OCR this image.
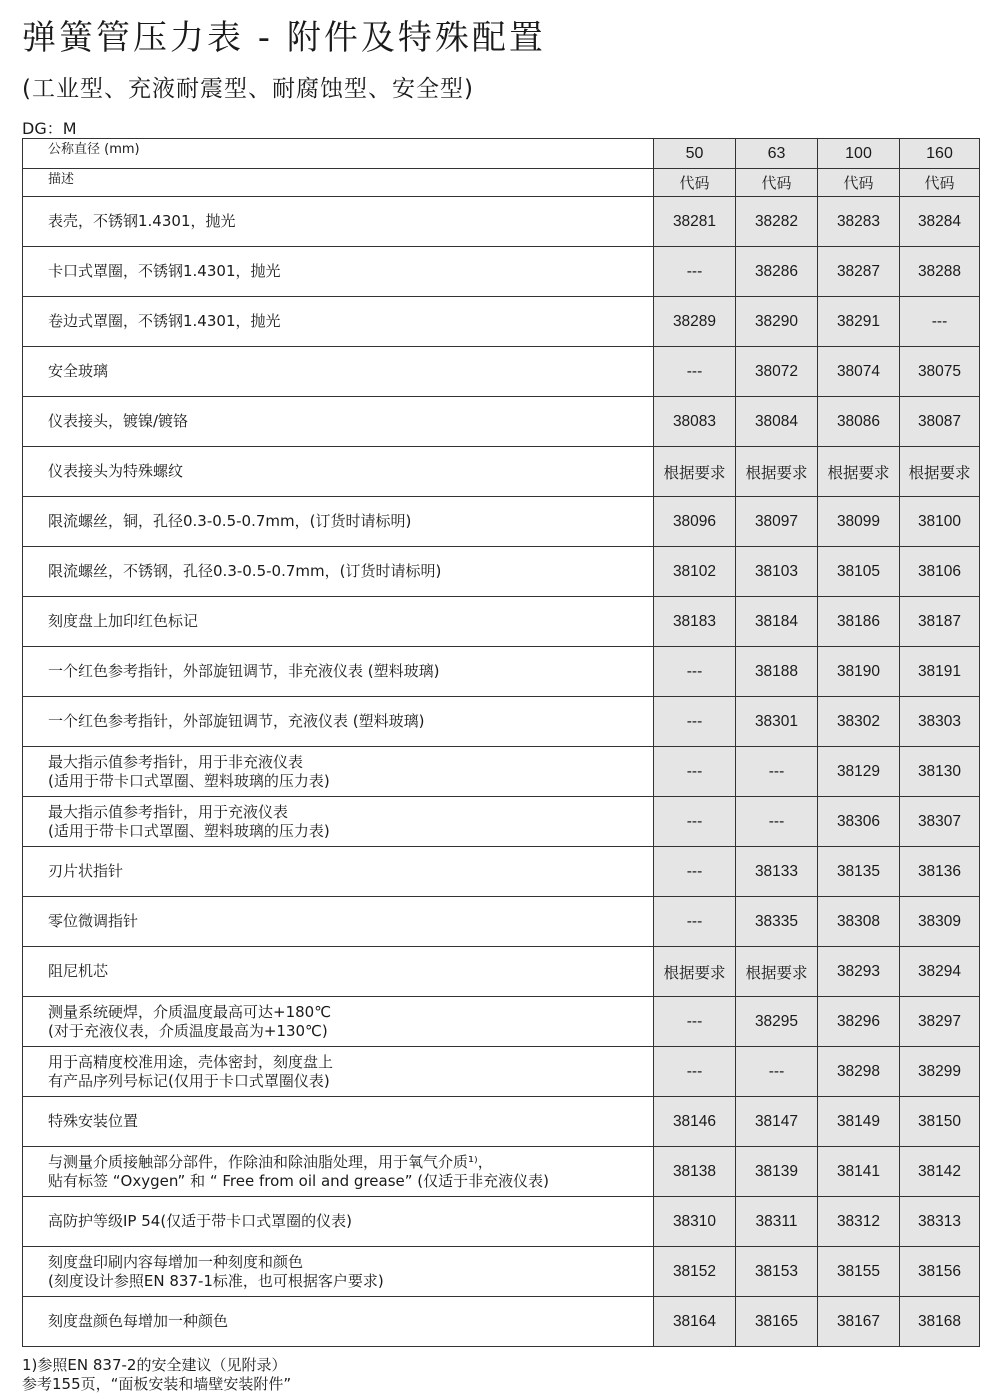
弹簧管压力表 - 附件及特殊配置
(工业型、充液耐震型、耐腐蚀型、安全型)
DG：M
公称直径 (mm)	50	63	100	160
描述	代码	代码	代码	代码

表壳，不锈钢1.4301，抛光	38281	38282	38283	38284

卡口式罩圈，不锈钢1.4301，抛光	---	38286	38287	38288

卷边式罩圈，不锈钢1.4301，抛光	38289	38290	38291	---

安全玻璃	---	38072	38074	38075

仪表接头，镀镍/镀铬	38083	38084	38086	38087

仪表接头为特殊螺纹	根据要求	根据要求	根据要求	根据要求

限流螺丝，铜，孔径0.3-0.5-0.7mm，(订货时请标明)	38096	38097	38099	38100

限流螺丝，不锈钢，孔径0.3-0.5-0.7mm，(订货时请标明)	38102	38103	38105	38106

刻度盘上加印红色标记	38183	38184	38186	38187

一个红色参考指针，外部旋钮调节，非充液仪表 (塑料玻璃)	---	38188	38190	38191

一个红色参考指针，外部旋钮调节，充液仪表 (塑料玻璃)	---	38301	38302	38303

最大指示值参考指针，用于非充液仪表
(适用于带卡口式罩圈、塑料玻璃的压力表)	---	---	38129	38130

最大指示值参考指针，用于充液仪表
(适用于带卡口式罩圈、塑料玻璃的压力表)	---	---	38306	38307

刃片状指针	---	38133	38135	38136

零位微调指针	---	38335	38308	38309

阻尼机芯	根据要求	根据要求	38293	38294

测量系统硬焊，介质温度最高可达+180℃
(对于充液仪表，介质温度最高为+130℃)	---	38295	38296	38297

用于高精度校准用途，壳体密封，刻度盘上
有产品序列号标记(仅用于卡口式罩圈仪表)	---	---	38298	38299

特殊安装位置	38146	38147	38149	38150

与测量介质接触部分部件，作除油和除油脂处理，用于氧气介质¹⁾，
贴有标签 “Oxygen” 和 “ Free from oil and grease” (仅适于非充液仪表)	38138	38139	38141	38142

高防护等级IP 54(仅适于带卡口式罩圈的仪表)	38310	38311	38312	38313

刻度盘印刷内容每增加一种刻度和颜色
(刻度设计参照EN 837-1标准，也可根据客户要求)	38152	38153	38155	38156

刻度盘颜色每增加一种颜色	38164	38165	38167	38168
1)参照EN 837-2的安全建议（见附录）
参考155页，“面板安装和墙壁安装附件”
